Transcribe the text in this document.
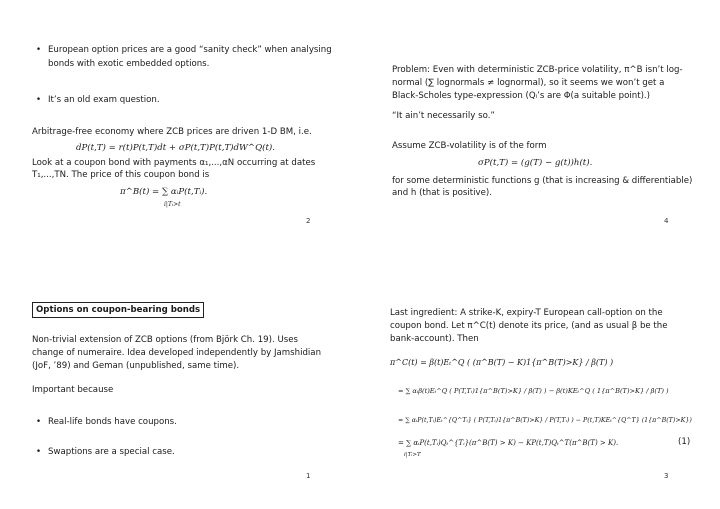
• European option prices are a good “sanity check” when analysing
bonds with exotic embedded options.
• It’s an old exam question.
Arbitrage-free economy where ZCB prices are driven 1-D BM, i.e.
dP(t,T) = r(t)P(t,T)dt + σP(t,T)P(t,T)dW^Q(t).
Look at a coupon bond with payments α₁,...,αN occurring at dates
T₁,...,TN. The price of this coupon bond is
π^B(t) = ∑ αᵢP(t,Tᵢ).
i|Tᵢ>t
2
Problem: Even with deterministic ZCB-price volatility, π^B isn’t log-
normal (∑ lognormals ≠ lognormal), so it seems we won’t get a
Black-Scholes type-expression (Qᵢ’s are Φ(a suitable point).)
“It ain’t necessarily so.”
Assume ZCB-volatility is of the form
σP(t,T) = (g(T) − g(t))h(t).
for some deterministic functions g (that is increasing & differentiable)
and h (that is positive).
4
Options on coupon-bearing bonds
Non-trivial extension of ZCB options (from Björk Ch. 19). Uses
change of numeraire. Idea developed independently by Jamshidian
(JoF, ’89) and Geman (unpublished, same time).
Important because
• Real-life bonds have coupons.
• Swaptions are a special case.
1
Last ingredient: A strike-K, expiry-T European call-option on the
coupon bond. Let π^C(t) denote its price, (and as usual β be the
bank-account). Then
π^C(t) = β(t)Eₜ^Q ( (π^B(T) − K)1{π^B(T)>K} / β(T) )
= ∑ αᵢβ(t)Eₜ^Q ( P(T,Tᵢ)1{π^B(T)>K} / β(T) ) − β(t)KEₜ^Q ( 1{π^B(T)>K} / β(T) )
= ∑ αᵢP(t,Tᵢ)Eₜ^{Q^Tᵢ} ( P(T,Tᵢ)1{π^B(T)>K} / P(T,Tᵢ) ) − P(t,T)KEₜ^{Q^T} (1{π^B(T)>K})
= ∑ αᵢP(t,Tᵢ)Qₜ^{Tᵢ}(π^B(T) > K) − KP(t,T)Qₜ^T(π^B(T) > K).
i|Tᵢ>T
(1)
3
